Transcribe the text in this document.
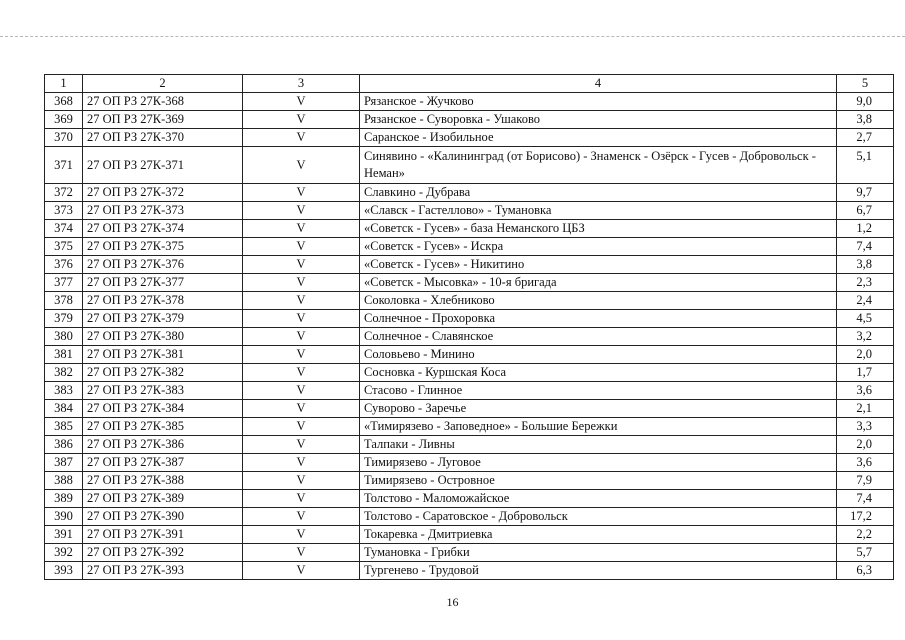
1	2	3	4	5
368	27 ОП РЗ 27К-368	V	Рязанское - Жучково	9,0
369	27 ОП РЗ 27К-369	V	Рязанское - Суворовка - Ушаково	3,8
370	27 ОП РЗ 27К-370	V	Саранское - Изобильное	2,7
371	27 ОП РЗ 27К-371	V	Синявино - «Калининград (от Борисово) - Знаменск - Озёрск - Гусев - Добровольск - Неман»	5,1
372	27 ОП РЗ 27К-372	V	Славкино - Дубрава	9,7
373	27 ОП РЗ 27К-373	V	«Славск - Гастеллово» - Тумановка	6,7
374	27 ОП РЗ 27К-374	V	«Советск - Гусев» - база Неманского ЦБЗ	1,2
375	27 ОП РЗ 27К-375	V	«Советск - Гусев» - Искра	7,4
376	27 ОП РЗ 27К-376	V	«Советск - Гусев» - Никитино	3,8
377	27 ОП РЗ 27К-377	V	«Советск - Мысовка» - 10-я бригада	2,3
378	27 ОП РЗ 27К-378	V	Соколовка - Хлебниково	2,4
379	27 ОП РЗ 27К-379	V	Солнечное - Прохоровка	4,5
380	27 ОП РЗ 27К-380	V	Солнечное - Славянское	3,2
381	27 ОП РЗ 27К-381	V	Соловьево - Минино	2,0
382	27 ОП РЗ 27К-382	V	Сосновка - Куршская Коса	1,7
383	27 ОП РЗ 27К-383	V	Стасово - Глинное	3,6
384	27 ОП РЗ 27К-384	V	Суворово - Заречье	2,1
385	27 ОП РЗ 27К-385	V	«Тимирязево - Заповедное» - Большие Бережки	3,3
386	27 ОП РЗ 27К-386	V	Талпаки - Ливны	2,0
387	27 ОП РЗ 27К-387	V	Тимирязево - Луговое	3,6
388	27 ОП РЗ 27К-388	V	Тимирязево - Островное	7,9
389	27 ОП РЗ 27К-389	V	Толстово - Маломожайское	7,4
390	27 ОП РЗ 27К-390	V	Толстово - Саратовское - Добровольск	17,2
391	27 ОП РЗ 27К-391	V	Токаревка - Дмитриевка	2,2
392	27 ОП РЗ 27К-392	V	Тумановка - Грибки	5,7
393	27 ОП РЗ 27К-393	V	Тургенево - Трудовой	6,3
16
